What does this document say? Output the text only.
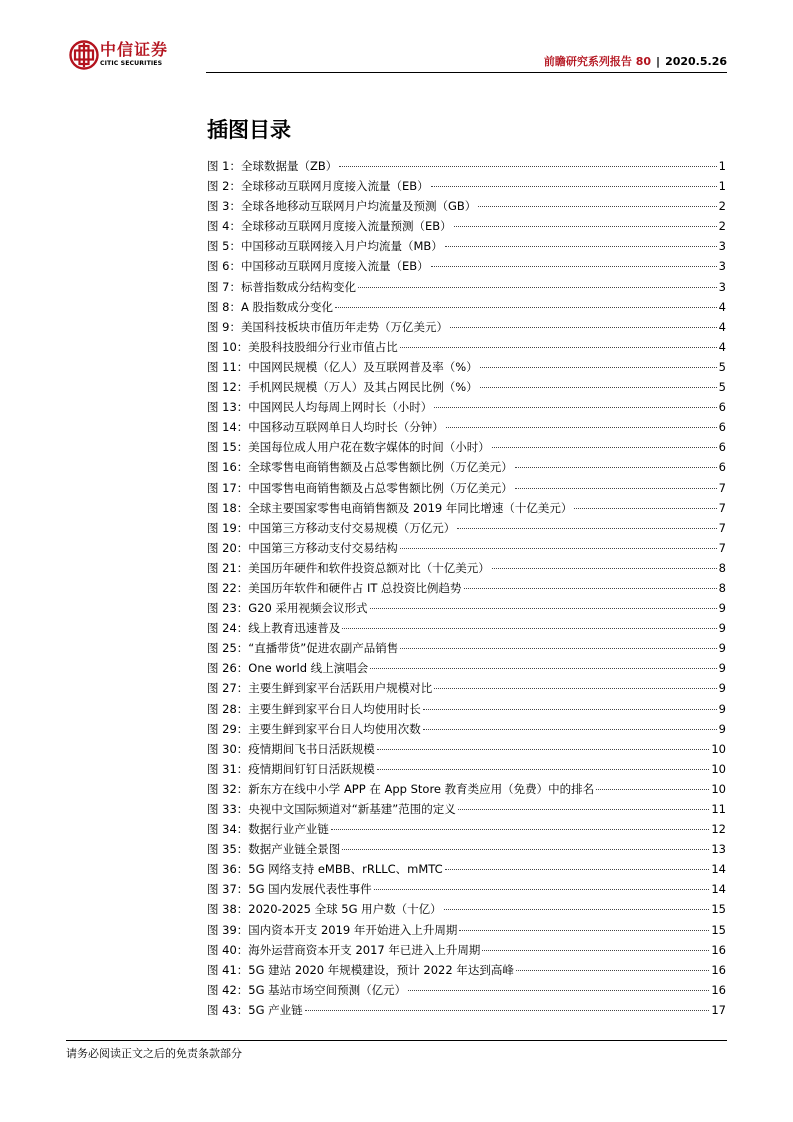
中信证券
CITIC SECURITIES	前瞻研究系列报告 80 | 2020.5.26
插图目录
图 1：全球数据量（ZB）	1
图 2：全球移动互联网月度接入流量（EB）	1
图 3：全球各地移动互联网月户均流量及预测（GB）	2
图 4：全球移动互联网月度接入流量预测（EB）	2
图 5：中国移动互联网接入月户均流量（MB）	3
图 6：中国移动互联网月度接入流量（EB）	3
图 7：标普指数成分结构变化	3
图 8：A 股指数成分变化	4
图 9：美国科技板块市值历年走势（万亿美元）	4
图 10：美股科技股细分行业市值占比	4
图 11：中国网民规模（亿人）及互联网普及率（%）	5
图 12：手机网民规模（万人）及其占网民比例（%）	5
图 13：中国网民人均每周上网时长（小时）	6
图 14：中国移动互联网单日人均时长（分钟）	6
图 15：美国每位成人用户花在数字媒体的时间（小时）	6
图 16：全球零售电商销售额及占总零售额比例（万亿美元）	6
图 17：中国零售电商销售额及占总零售额比例（万亿美元）	7
图 18：全球主要国家零售电商销售额及 2019 年同比增速（十亿美元）	7
图 19：中国第三方移动支付交易规模（万亿元）	7
图 20：中国第三方移动支付交易结构	7
图 21：美国历年硬件和软件投资总额对比（十亿美元）	8
图 22：美国历年软件和硬件占 IT 总投资比例趋势	8
图 23：G20 采用视频会议形式	9
图 24：线上教育迅速普及	9
图 25：“直播带货”促进农副产品销售	9
图 26：One world 线上演唱会	9
图 27：主要生鲜到家平台活跃用户规模对比	9
图 28：主要生鲜到家平台日人均使用时长	9
图 29：主要生鲜到家平台日人均使用次数	9
图 30：疫情期间飞书日活跃规模	10
图 31：疫情期间钉钉日活跃规模	10
图 32：新东方在线中小学 APP 在 App Store 教育类应用（免费）中的排名	10
图 33：央视中文国际频道对“新基建”范围的定义	11
图 34：数据行业产业链	12
图 35：数据产业链全景图	13
图 36：5G 网络支持 eMBB、rRLLC、mMTC	14
图 37：5G 国内发展代表性事件	14
图 38：2020-2025 全球 5G 用户数（十亿）	15
图 39：国内资本开支 2019 年开始进入上升周期	15
图 40：海外运营商资本开支 2017 年已进入上升周期	16
图 41：5G 建站 2020 年规模建设，预计 2022 年达到高峰	16
图 42：5G 基站市场空间预测（亿元）	16
图 43：5G 产业链	17
请务必阅读正文之后的免责条款部分
